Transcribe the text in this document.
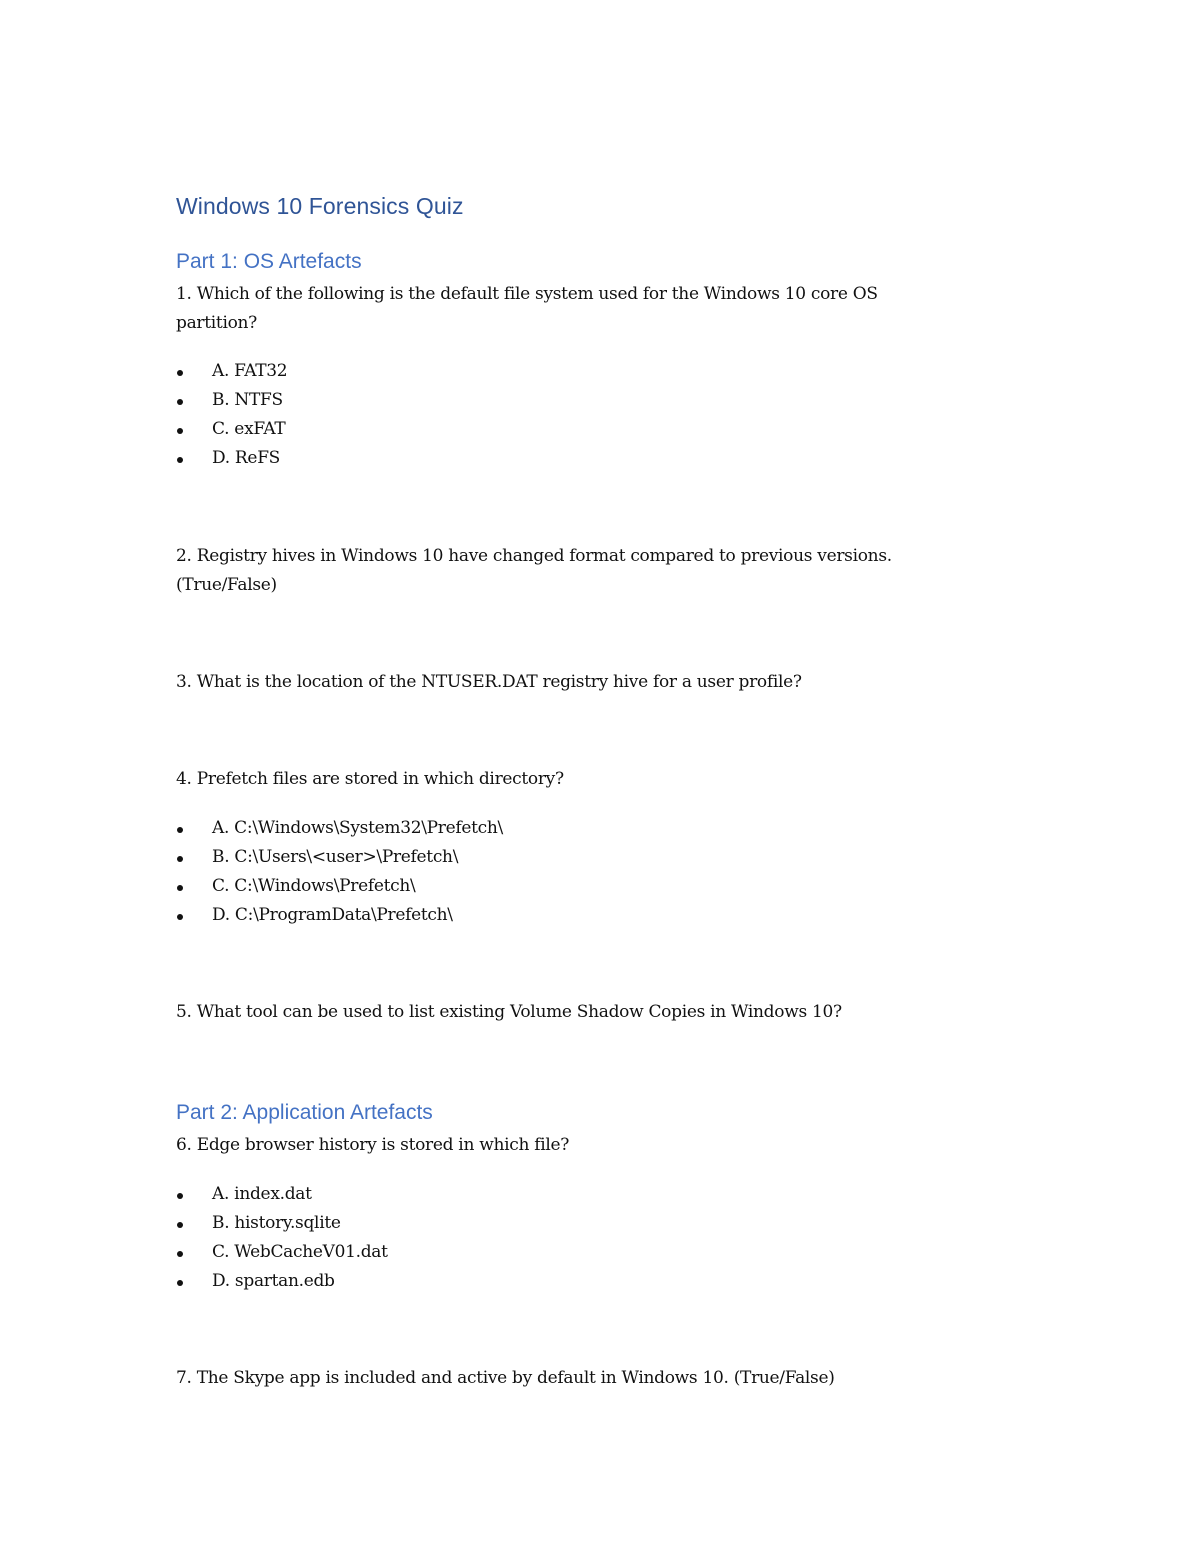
Windows 10 Forensics Quiz
Part 1: OS Artefacts
1. Which of the following is the default file system used for the Windows 10 core OS
partition?
A. FAT32
B. NTFS
C. exFAT
D. ReFS
2. Registry hives in Windows 10 have changed format compared to previous versions.
(True/False)
3. What is the location of the NTUSER.DAT registry hive for a user profile?
4. Prefetch files are stored in which directory?
A. C:\Windows\System32\Prefetch\
B. C:\Users\<user>\Prefetch\
C. C:\Windows\Prefetch\
D. C:\ProgramData\Prefetch\
5. What tool can be used to list existing Volume Shadow Copies in Windows 10?
Part 2: Application Artefacts
6. Edge browser history is stored in which file?
A. index.dat
B. history.sqlite
C. WebCacheV01.dat
D. spartan.edb
7. The Skype app is included and active by default in Windows 10. (True/False)
